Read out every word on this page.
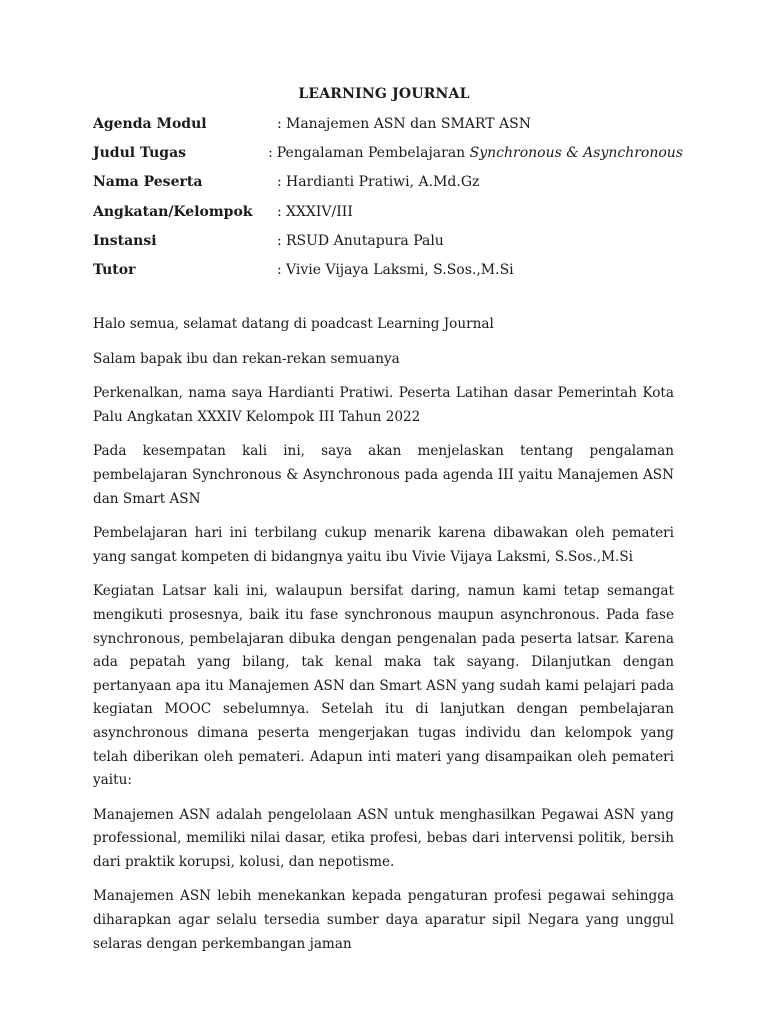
LEARNING JOURNAL
Agenda Modul	: Manajemen ASN dan SMART ASN
Judul Tugas	: Pengalaman Pembelajaran Synchronous & Asynchronous
Nama Peserta	: Hardianti Pratiwi, A.Md.Gz
Angkatan/Kelompok	: XXXIV/III
Instansi	: RSUD Anutapura Palu
Tutor	: Vivie Vijaya Laksmi, S.Sos.,M.Si

Halo semua, selamat datang di poadcast Learning Journal

Salam bapak ibu dan rekan-rekan semuanya

Perkenalkan, nama saya Hardianti Pratiwi. Peserta Latihan dasar Pemerintah Kota Palu Angkatan XXXIV Kelompok III Tahun 2022

Pada kesempatan kali ini, saya akan menjelaskan tentang pengalaman pembelajaran Synchronous & Asynchronous pada agenda III yaitu Manajemen ASN dan Smart ASN

Pembelajaran hari ini terbilang cukup menarik karena dibawakan oleh pemateri yang sangat kompeten di bidangnya yaitu ibu Vivie Vijaya Laksmi, S.Sos.,M.Si

Kegiatan Latsar kali ini, walaupun bersifat daring, namun kami tetap semangat mengikuti prosesnya, baik itu fase synchronous maupun asynchronous. Pada fase synchronous, pembelajaran dibuka dengan pengenalan pada peserta latsar. Karena ada pepatah yang bilang, tak kenal maka tak sayang. Dilanjutkan dengan pertanyaan apa itu Manajemen ASN dan Smart ASN yang sudah kami pelajari pada kegiatan MOOC sebelumnya. Setelah itu di lanjutkan dengan pembelajaran asynchronous dimana peserta mengerjakan tugas individu dan kelompok yang telah diberikan oleh pemateri. Adapun inti materi yang disampaikan oleh pemateri yaitu:

Manajemen ASN adalah pengelolaan ASN untuk menghasilkan Pegawai ASN yang professional, memiliki nilai dasar, etika profesi, bebas dari intervensi politik, bersih dari praktik korupsi, kolusi, dan nepotisme.

Manajemen ASN lebih menekankan kepada pengaturan profesi pegawai sehingga diharapkan agar selalu tersedia sumber daya aparatur sipil Negara yang unggul selaras dengan perkembangan jaman
